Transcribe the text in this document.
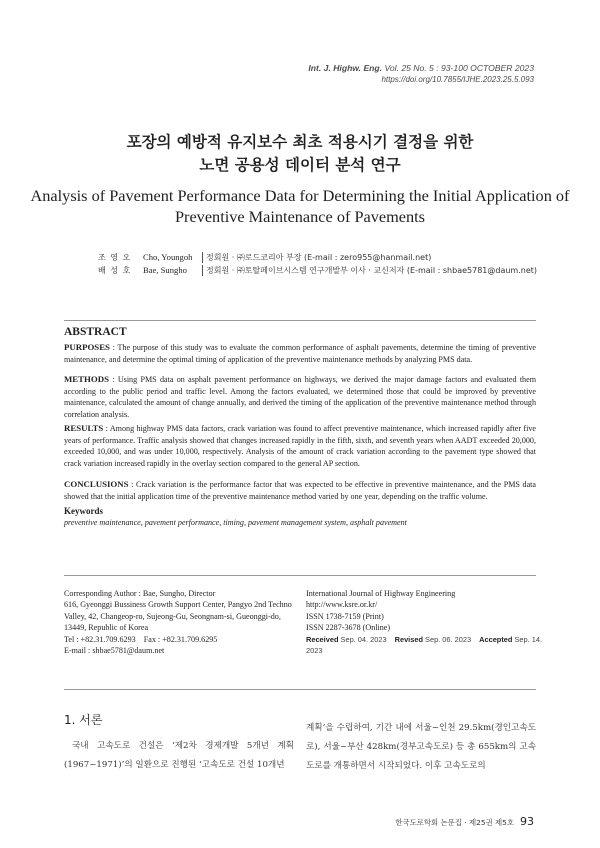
Int. J. Highw. Eng. Vol. 25 No. 5 : 93-100 OCTOBER 2023
https://doi.org/10.7855/IJHE.2023.25.5.093
포장의 예방적 유지보수 최초 적용시기 결정을 위한
노면 공용성 데이터 분석 연구
Analysis of Pavement Performance Data for Determining the Initial Application of
Preventive Maintenance of Pavements
조 영 오	Cho, Youngoh	정회원 · ㈜로드코리아 부장 (E-mail : zero955@hanmail.net)
배 성 호	Bae, Sungho	정회원 · ㈜토탈페이브시스템 연구개발부 이사 · 교신저자 (E-mail : shbae5781@daum.net)
ABSTRACT
PURPOSES : The purpose of this study was to evaluate the common performance of asphalt pavements, determine the timing of preventive maintenance, and determine the optimal timing of application of the preventive maintenance methods by analyzing PMS data.
METHODS : Using PMS data on asphalt pavement performance on highways, we derived the major damage factors and evaluated them according to the public period and traffic level. Among the factors evaluated, we determined those that could be improved by preventive maintenance, calculated the amount of change annually, and derived the timing of the application of the preventive maintenance method through correlation analysis.
RESULTS : Among highway PMS data factors, crack variation was found to affect preventive maintenance, which increased rapidly after five years of performance. Traffic analysis showed that changes increased rapidly in the fifth, sixth, and seventh years when AADT exceeded 20,000, exceeded 10,000, and was under 10,000, respectively. Analysis of the amount of crack variation according to the pavement type showed that crack variation increased rapidly in the overlay section compared to the general AP section.
CONCLUSIONS : Crack variation is the performance factor that was expected to be effective in preventive maintenance, and the PMS data showed that the initial application time of the preventive maintenance method varied by one year, depending on the traffic volume.
Keywords
preventive maintenance, pavement performance, timing, pavement management system, asphalt pavement
Corresponding Author : Bae, Sungho, Director
616, Gyeonggi Bussiness Growth Support Center, Pangyo 2nd Techno
Valley, 42, Changeop-ro, Sujeong-Gu, Seongnam-si, Gueonggi-do,
13449, Republic of Korea
Tel : +82.31.709.6293 Fax : +82.31.709.6295
E-mail : shbae5781@daum.net
International Journal of Highway Engineering
http://www.ksre.or.kr/
ISSN 1738-7159 (Print)
ISSN 2287-3678 (Online)
Received Sep. 04. 2023 Revised Sep. 06. 2023 Accepted Sep. 14. 2023
1. 서론
국내 고속도로 건설은 ‘제2차 경제개발 5개년 계획(1967~1971)’의 일환으로 진행된 ‘고속도로 건설 10개년
계획’을 수립하여, 기간 내에 서울~인천 29.5km(경인고속도로), 서울~부산 428km(경부고속도로) 등 총 655km의 고속도로를 개통하면서 시작되었다. 이후 고속도로의
한국도로학회 논문집 · 제25권 제5호 93
